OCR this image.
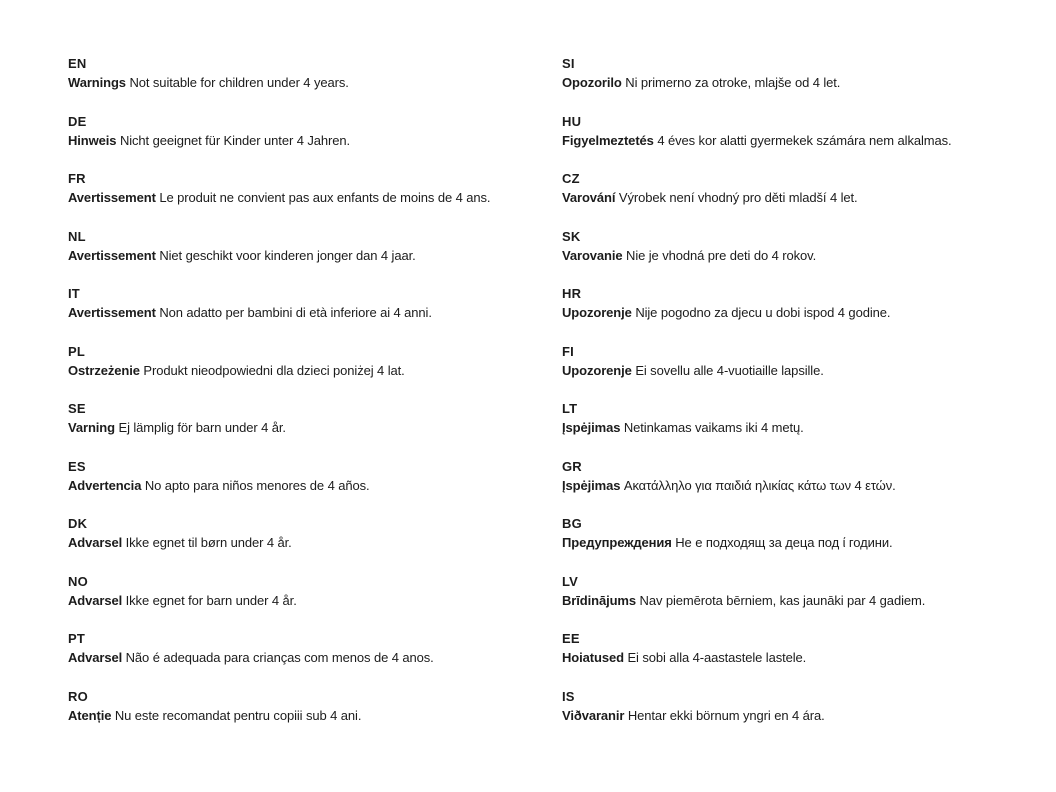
EN
Warnings Not suitable for children under 4 years.
DE
Hinweis Nicht geeignet für Kinder unter 4 Jahren.
FR
Avertissement Le produit ne convient pas aux enfants de moins de 4 ans.
NL
Avertissement Niet geschikt voor kinderen jonger dan 4 jaar.
IT
Avertissement Non adatto per bambini di età inferiore ai 4 anni.
PL
Ostrzeżenie Produkt nieodpowiedni dla dzieci poniżej 4 lat.
SE
Varning Ej lämplig för barn under 4 år.
ES
Advertencia No apto para niños menores de 4 años.
DK
Advarsel Ikke egnet til børn under 4 år.
NO
Advarsel Ikke egnet for barn under 4 år.
PT
Advarsel Não é adequada para crianças com menos de 4 anos.
RO
Atenție Nu este recomandat pentru copiii sub 4 ani.
SI
Opozorilo Ni primerno za otroke, mlajše od 4 let.
HU
Figyelmeztetés 4 éves kor alatti gyermekek számára nem alkalmas.
CZ
Varování Výrobek není vhodný pro děti mladší 4 let.
SK
Varovanie Nie je vhodná pre deti do 4 rokov.
HR
Upozorenje Nije pogodno za djecu u dobi ispod 4 godine.
FI
Upozorenje Ei sovellu alle 4-vuotiaille lapsille.
LT
Įspėjimas Netinkamas vaikams iki 4 metų.
GR
Įspėjimas Ακατάλληλο για παιδιά ηλικίας κάτω των 4 ετών.
BG
Предупреждения Не е подходящ за деца под ί години.
LV
Brīdinājums Nav piemērota bērniem, kas jaunāki par 4 gadiem.
EE
Hoiatused Ei sobi alla 4-aastastele lastele.
IS
Viðvaranir Hentar ekki börnum yngri en 4 ára.
